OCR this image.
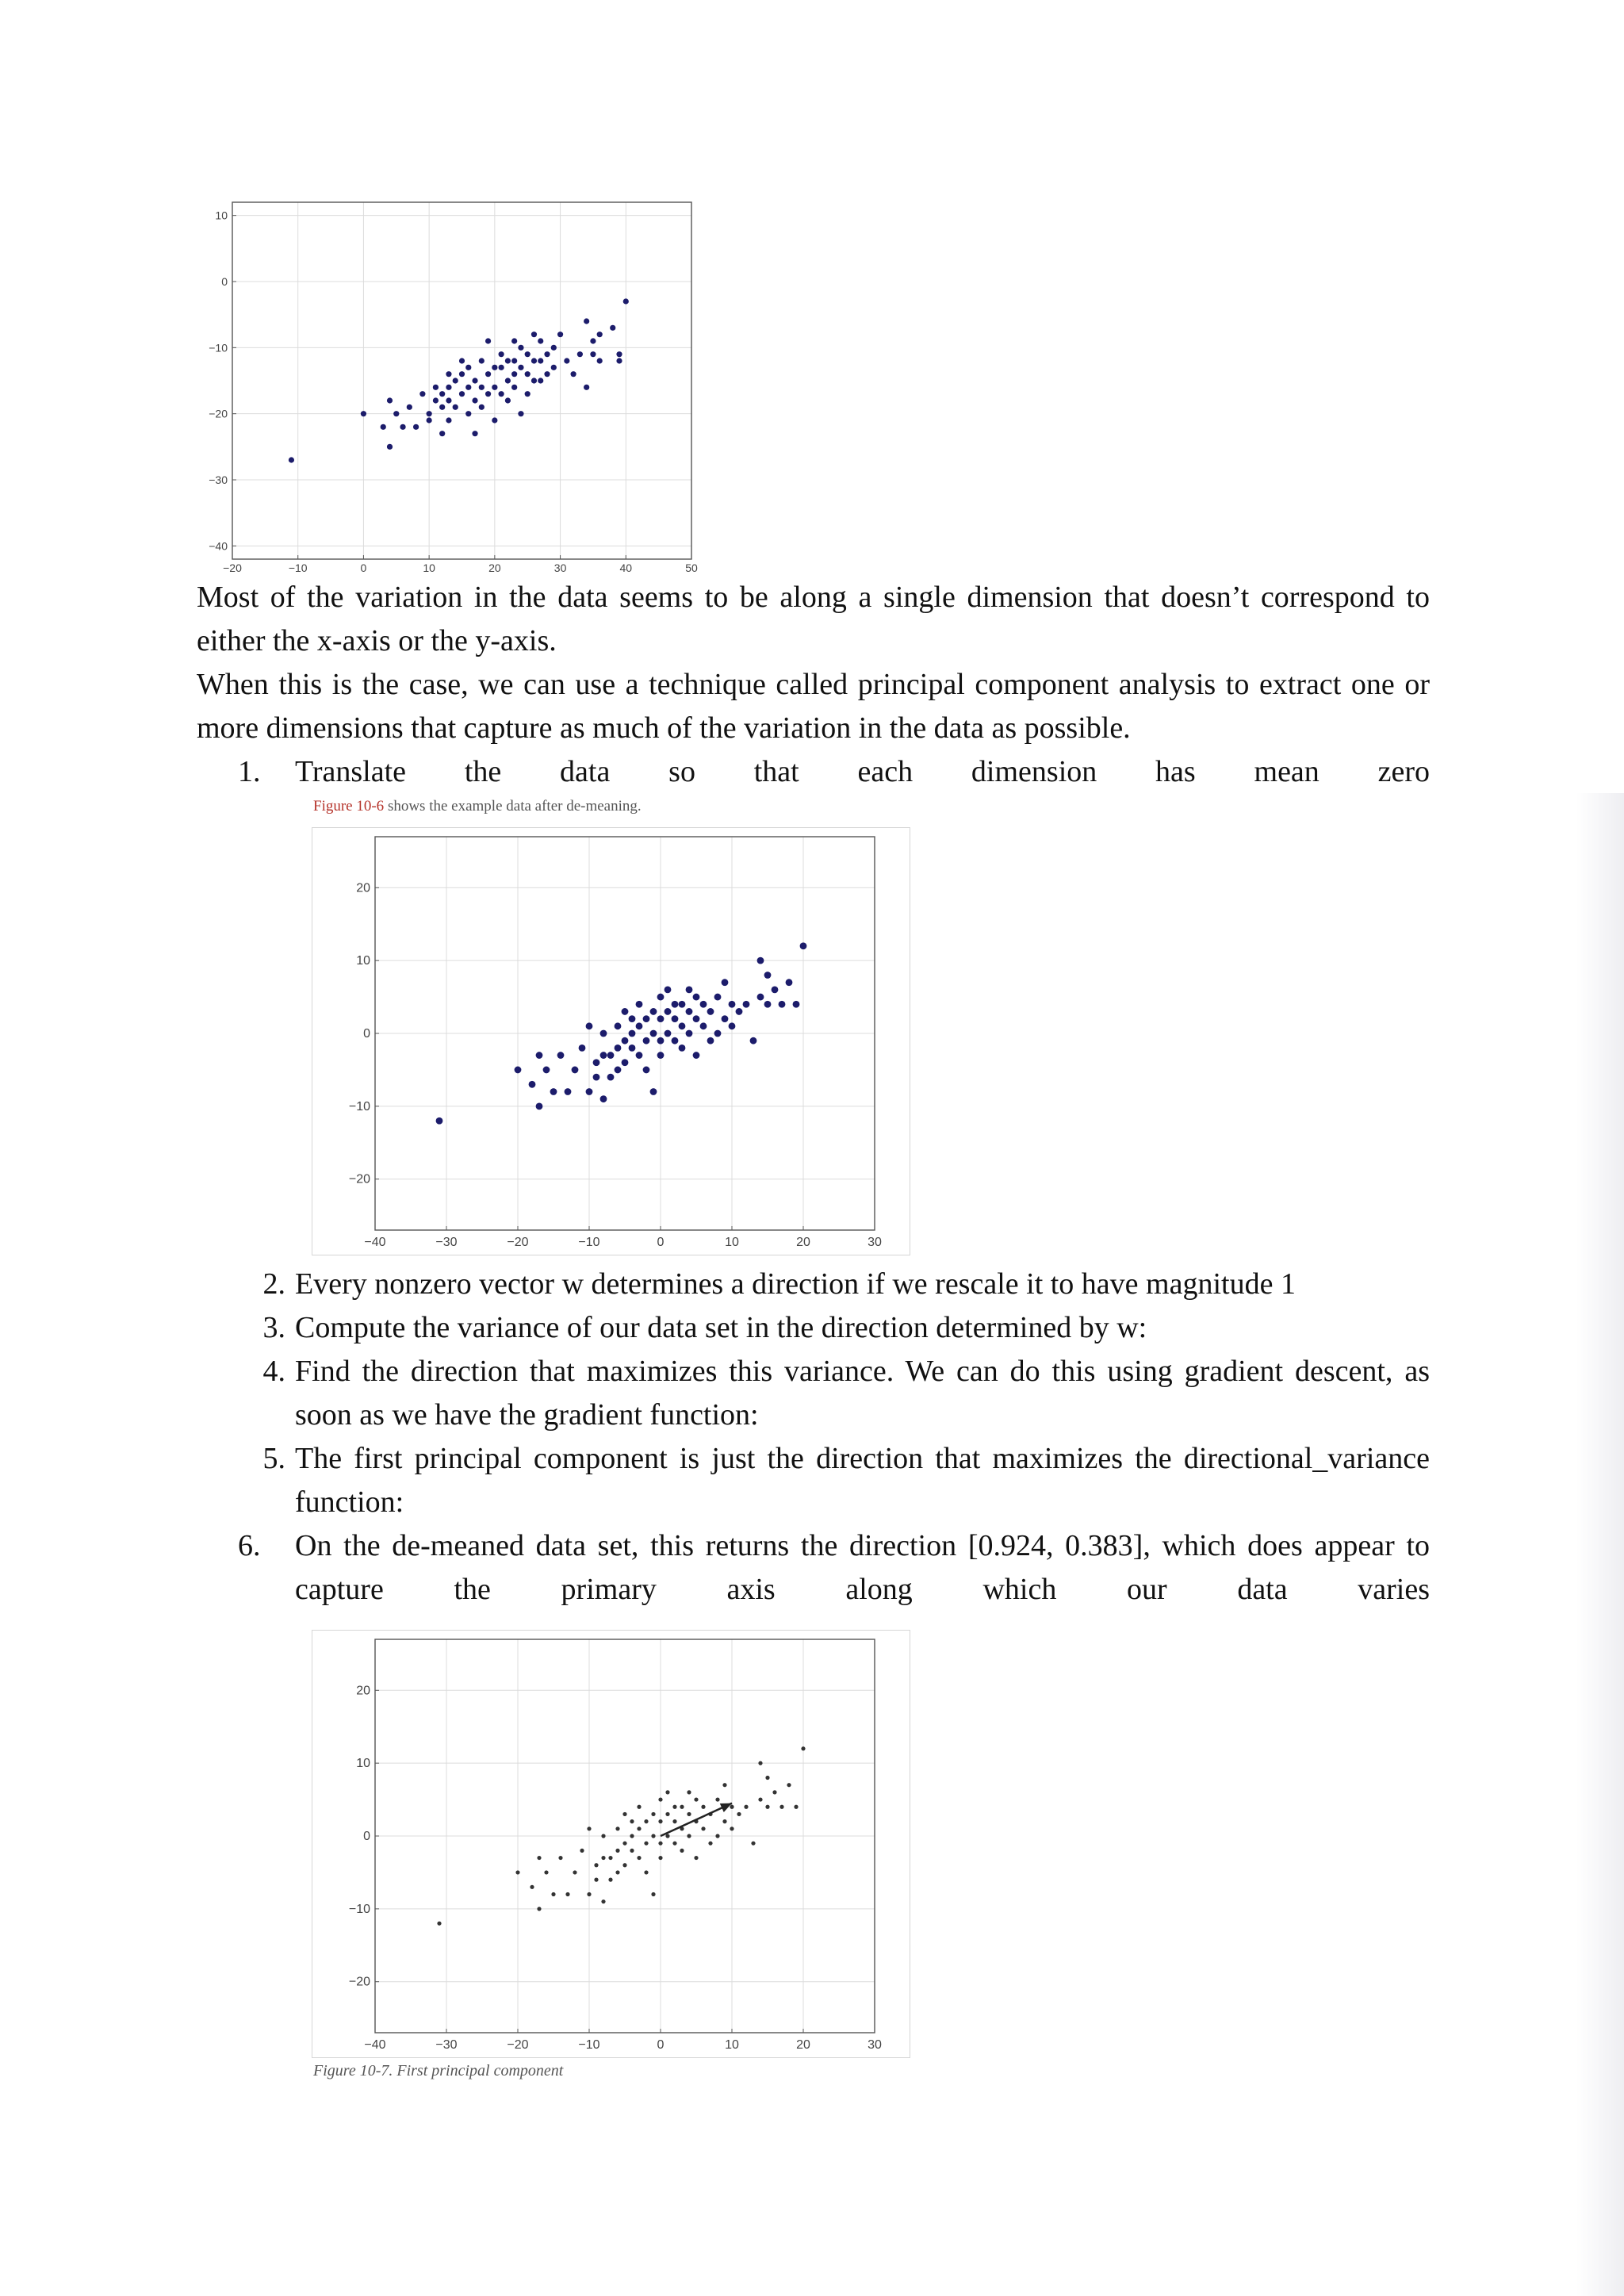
−20	−10	0	10	20	30	40	50
10
0
−10
−20
−30
−40

Most of the variation in the data seems to be along a single dimension that doesn’t correspond to either the x-axis or the y-axis.

When this is the case, we can use a technique called principal component analysis to extract one or more dimensions that capture as much of the variation in the data as possible.

1.	Translate the data so that each dimension has mean zero
Figure 10-6 shows the example data after de-meaning.
−40	−30	−20	−10	0	10	20	30
20
10
0
−10
−20
2. Every nonzero vector w determines a direction if we rescale it to have magnitude 1
3. Compute the variance of our data set in the direction determined by w:
4. Find the direction that maximizes this variance. We can do this using gradient descent, as soon as we have the gradient function:
5. The first principal component is just the direction that maximizes the directional_variance function:
6.	On the de-meaned data set, this returns the direction [0.924, 0.383], which does appear to capture the primary axis along which our data varies
−40	−30	−20	−10	0	10	20	30
20
10
0
−10
−20
Figure 10-7. First principal component
